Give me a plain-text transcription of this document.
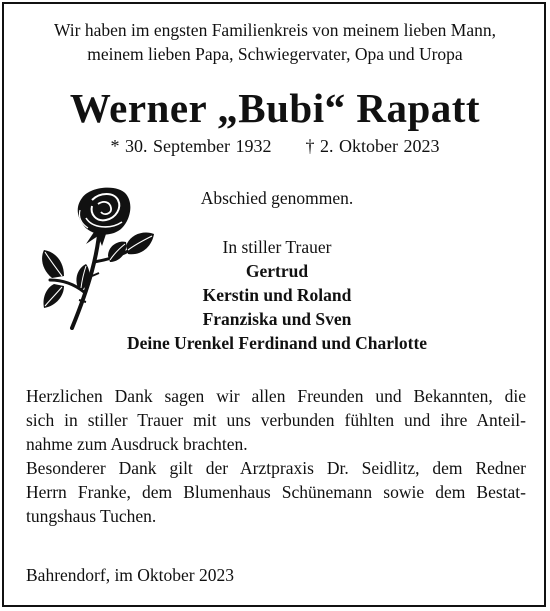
Wir haben im engsten Familienkreis von meinem lieben Mann,
meinem lieben Papa, Schwiegervater, Opa und Uropa
Werner „Bubi“ Rapatt
* 30. September 1932 † 2. Oktober 2023
Abschied genommen.
In stiller Trauer
Gertrud
Kerstin und Roland
Franziska und Sven
Deine Urenkel Ferdinand und Charlotte

Herzlichen Dank sagen wir allen Freunden und Bekannten, die

sich in stiller Trauer mit uns verbunden fühlten und ihre Anteil-

nahme zum Ausdruck brachten.

Besonderer Dank gilt der Arztpraxis Dr. Seidlitz, dem Redner

Herrn Franke, dem Blumenhaus Schünemann sowie dem Bestat-

tungshaus Tuchen.

Bahrendorf, im Oktober 2023
